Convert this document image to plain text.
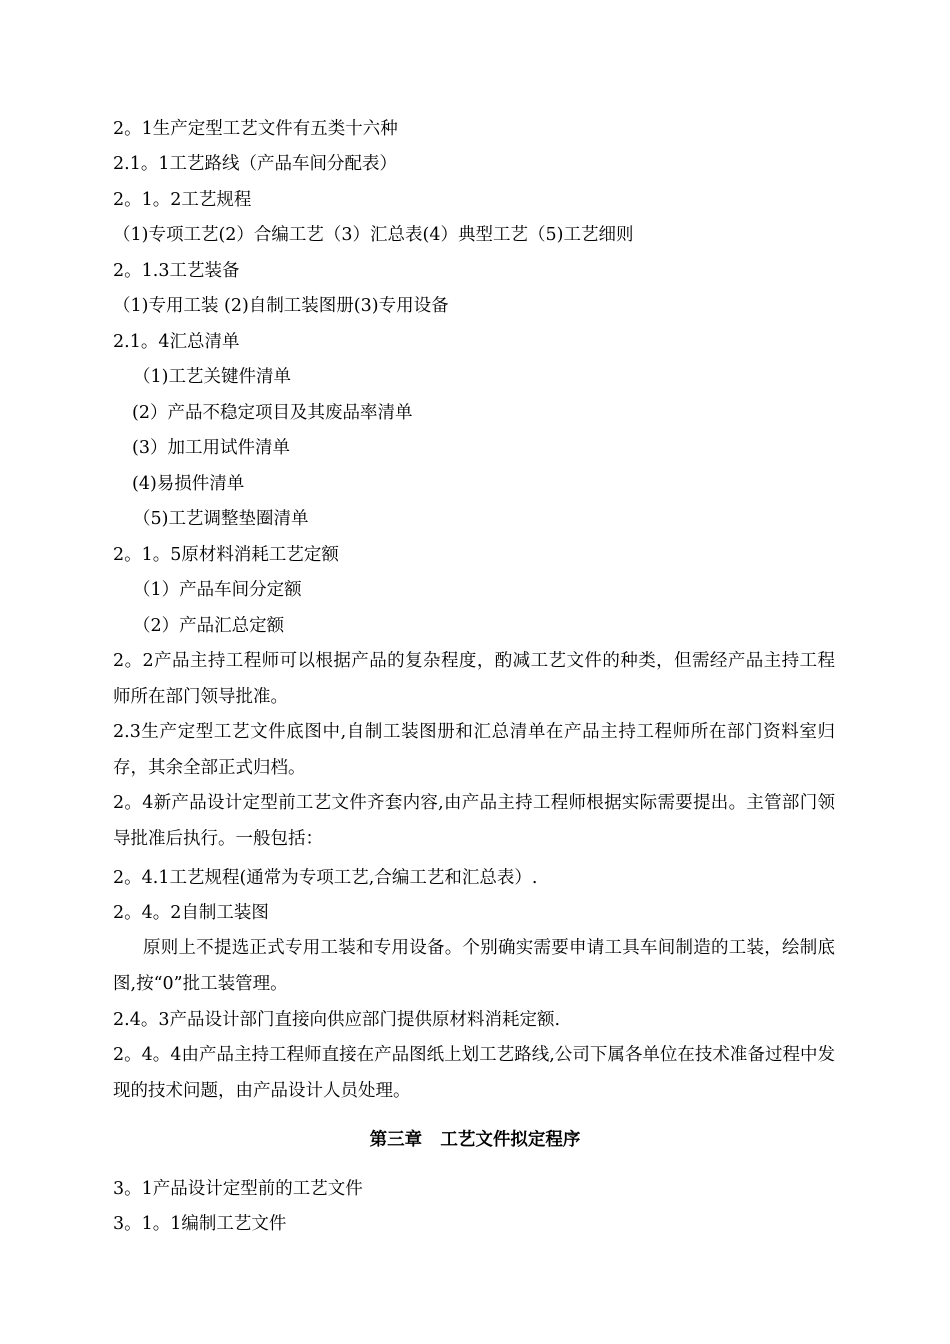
2。1生产定型工艺文件有五类十六种
2.1。1工艺路线（产品车间分配表）
2。1。2工艺规程
（1)专项工艺(2）合编工艺（3）汇总表(4）典型工艺（5)工艺细则
2。1.3工艺装备
（1)专用工装 (2)自制工装图册(3)专用设备
2.1。4汇总清单
（1)工艺关键件清单
(2）产品不稳定项目及其废品率清单
(3）加工用试件清单
(4)易损件清单
（5)工艺调整垫圈清单
2。1。5原材料消耗工艺定额
（1）产品车间分定额
（2）产品汇总定额
2。2产品主持工程师可以根据产品的复杂程度，酌减工艺文件的种类，但需经产品主持工程师所在部门领导批准。
2.3生产定型工艺文件底图中,自制工装图册和汇总清单在产品主持工程师所在部门资料室归存，其余全部正式归档。
2。4新产品设计定型前工艺文件齐套内容,由产品主持工程师根据实际需要提出。主管部门领导批准后执行。一般包括：
2。4.1工艺规程(通常为专项工艺,合编工艺和汇总表）.
2。4。2自制工装图
原则上不提选正式专用工装和专用设备。个别确实需要申请工具车间制造的工装，绘制底图,按“0”批工装管理。
2.4。3产品设计部门直接向供应部门提供原材料消耗定额.
2。4。4由产品主持工程师直接在产品图纸上划工艺路线,公司下属各单位在技术准备过程中发现的技术问题，由产品设计人员处理。
第三章   工艺文件拟定程序
3。1产品设计定型前的工艺文件
3。1。1编制工艺文件
